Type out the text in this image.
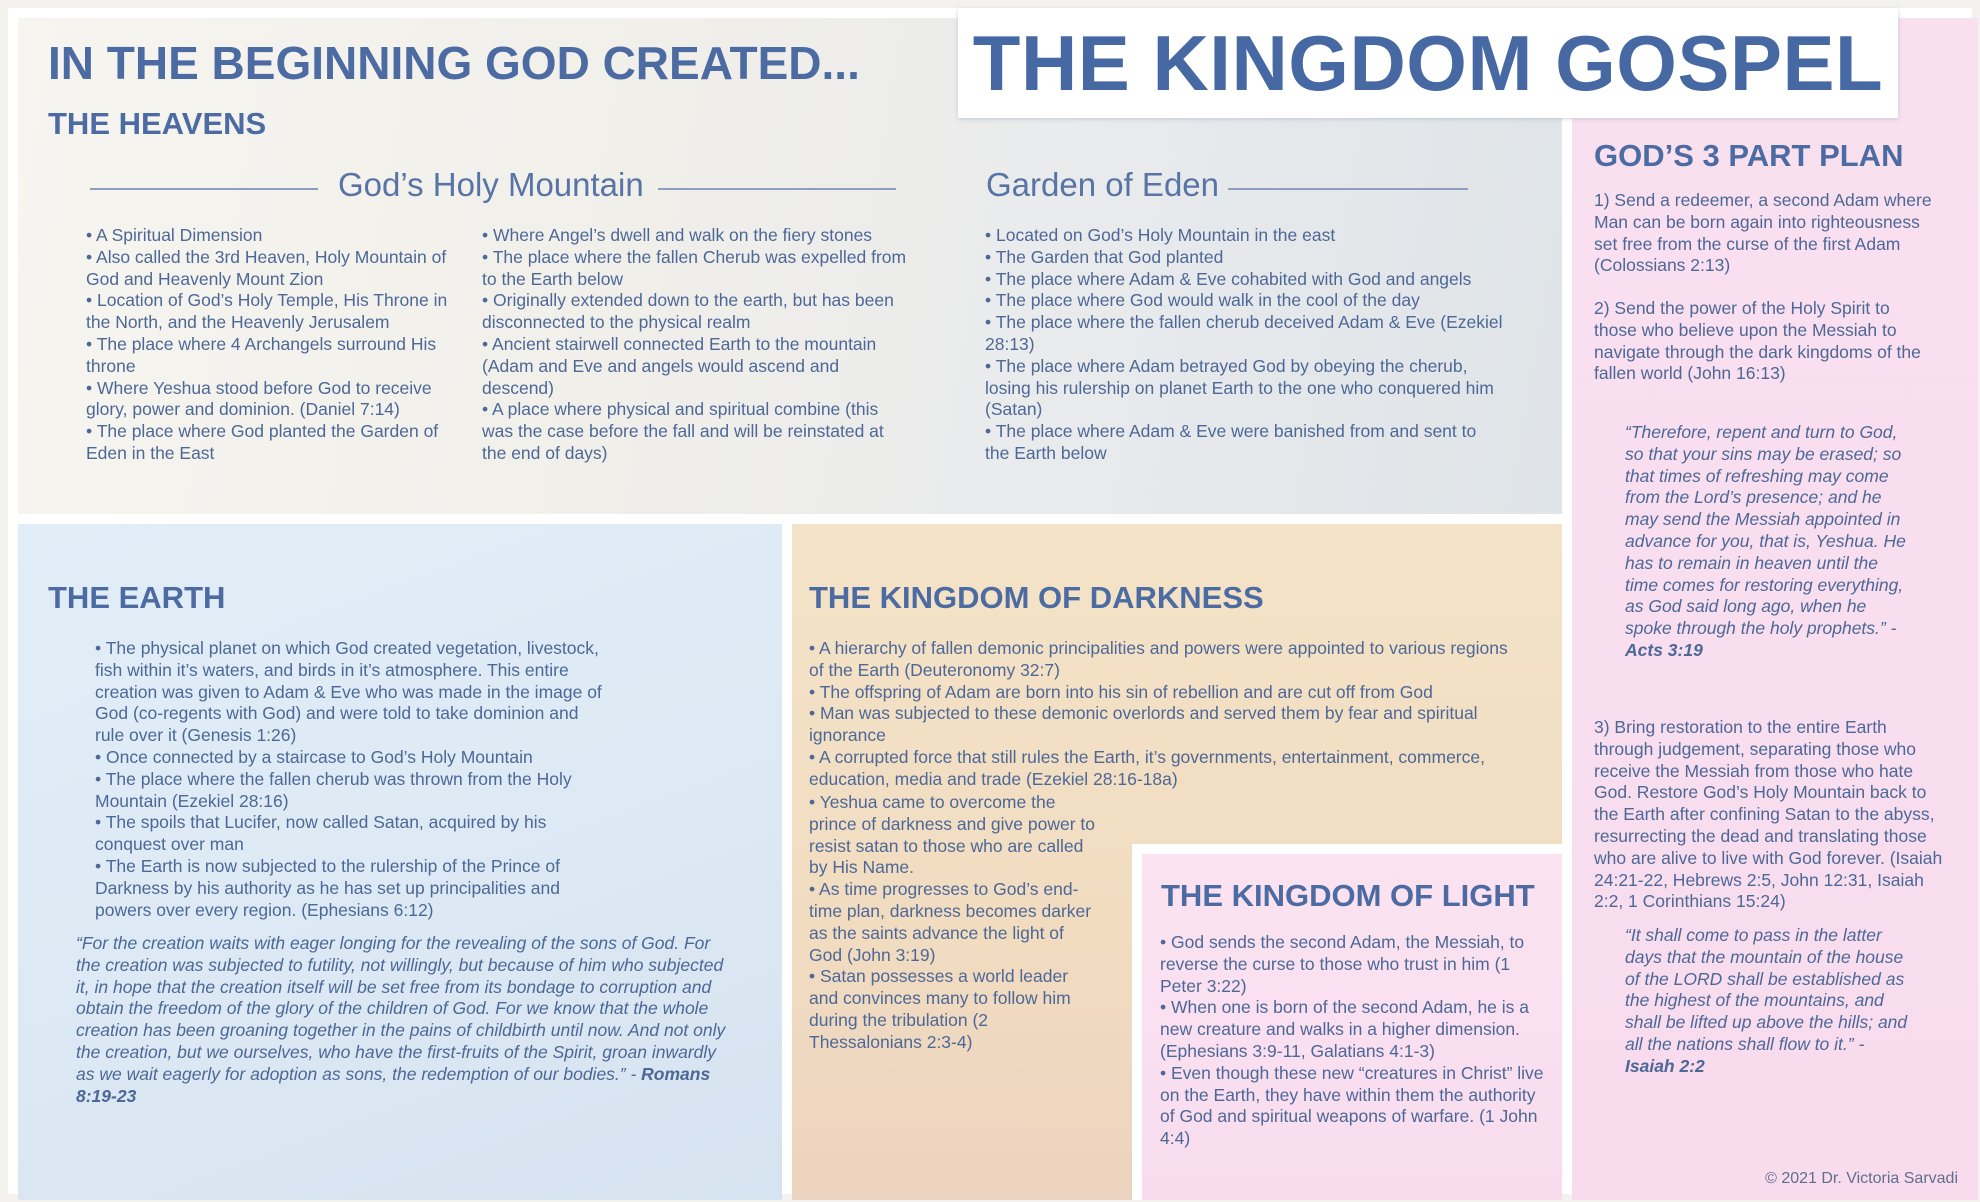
THE KINGDOM GOSPEL
IN THE BEGINNING GOD CREATED...
THE HEAVENS
God’s Holy Mountain
• A Spiritual Dimension
• Also called the 3rd Heaven, Holy Mountain of God and Heavenly Mount Zion
• Location of God’s Holy Temple, His Throne in the North, and the Heavenly Jerusalem
• The place where 4 Archangels surround His throne
• Where Yeshua stood before God to receive glory, power and dominion. (Daniel 7:14)
• The place where God planted the Garden of Eden in the East
• Where Angel’s dwell and walk on the fiery stones
• The place where the fallen Cherub was expelled from to the Earth below
• Originally extended down to the earth, but has been disconnected to the physical realm
• Ancient stairwell connected Earth to the mountain (Adam and Eve and angels would ascend and descend)
• A place where physical and spiritual combine (this was the case before the fall and will be reinstated at the end of days)
Garden of Eden
• Located on God’s Holy Mountain in the east
• The Garden that God planted
• The place where Adam & Eve cohabited with God and angels
• The place where God would walk in the cool of the day
• The place where the fallen cherub deceived Adam & Eve (Ezekiel 28:13)
• The place where Adam betrayed God by obeying the cherub, losing his rulership on planet Earth to the one who conquered him (Satan)
• The place where Adam & Eve were banished from and sent to the Earth below
THE EARTH
• The physical planet on which God created vegetation, livestock, fish within it’s waters, and birds in it’s atmosphere. This entire creation was given to Adam & Eve who was made in the image of God (co-regents with God) and were told to take dominion and rule over it (Genesis 1:26)
• Once connected by a staircase to God’s Holy Mountain
• The place where the fallen cherub was thrown from the Holy Mountain (Ezekiel 28:16)
• The spoils that Lucifer, now called Satan, acquired by his conquest over man
• The Earth is now subjected to the rulership of the Prince of Darkness by his authority as he has set up principalities and powers over every region. (Ephesians 6:12)
“For the creation waits with eager longing for the revealing of the sons of God. For the creation was subjected to futility, not willingly, but because of him who subjected it, in hope that the creation itself will be set free from its bondage to corruption and obtain the freedom of the glory of the children of God. For we know that the whole creation has been groaning together in the pains of childbirth until now. And not only the creation, but we ourselves, who have the first-fruits of the Spirit, groan inwardly as we wait eagerly for adoption as sons, the redemption of our bodies.” - Romans 8:19-23
THE KINGDOM OF DARKNESS
• A hierarchy of fallen demonic principalities and powers were appointed to various regions of the Earth (Deuteronomy 32:7)
• The offspring of Adam are born into his sin of rebellion and are cut off from God
• Man was subjected to these demonic overlords and served them by fear and spiritual ignorance
• A corrupted force that still rules the Earth, it’s governments, entertainment, commerce, education, media and trade (Ezekiel 28:16-18a)
• Yeshua came to overcome the prince of darkness and give power to resist satan to those who are called by His Name.
• As time progresses to God’s end-time plan, darkness becomes darker as the saints advance the light of God (John 3:19)
• Satan possesses a world leader and convinces many to follow him during the tribulation (2 Thessalonians 2:3-4)
THE KINGDOM OF LIGHT
• God sends the second Adam, the Messiah, to reverse the curse to those who trust in him (1 Peter 3:22)
• When one is born of the second Adam, he is a new creature and walks in a higher dimension. (Ephesians 3:9-11, Galatians 4:1-3)
• Even though these new “creatures in Christ” live on the Earth, they have within them the authority of God and spiritual weapons of warfare. (1 John 4:4)
GOD’S 3 PART PLAN
1) Send a redeemer, a second Adam where Man can be born again into righteousness set free from the curse of the first Adam (Colossians 2:13)
2) Send the power of the Holy Spirit to those who believe upon the Messiah to navigate through the dark kingdoms of the fallen world (John 16:13)
“Therefore, repent and turn to God, so that your sins may be erased; so that times of refreshing may come from the Lord’s presence; and he may send the Messiah appointed in advance for you, that is, Yeshua. He has to remain in heaven until the time comes for restoring everything, as God said long ago, when he spoke through the holy prophets.” - Acts 3:19
3) Bring restoration to the entire Earth through judgement, separating those who receive the Messiah from those who hate God. Restore God’s Holy Mountain back to the Earth after confining Satan to the abyss, resurrecting the dead and translating those who are alive to live with God forever. (Isaiah 24:21-22, Hebrews 2:5, John 12:31, Isaiah 2:2, 1 Corinthians 15:24)
“It shall come to pass in the latter days that the mountain of the house of the LORD shall be established as the highest of the mountains, and shall be lifted up above the hills; and all the nations shall flow to it.” - Isaiah 2:2
© 2021 Dr. Victoria Sarvadi
